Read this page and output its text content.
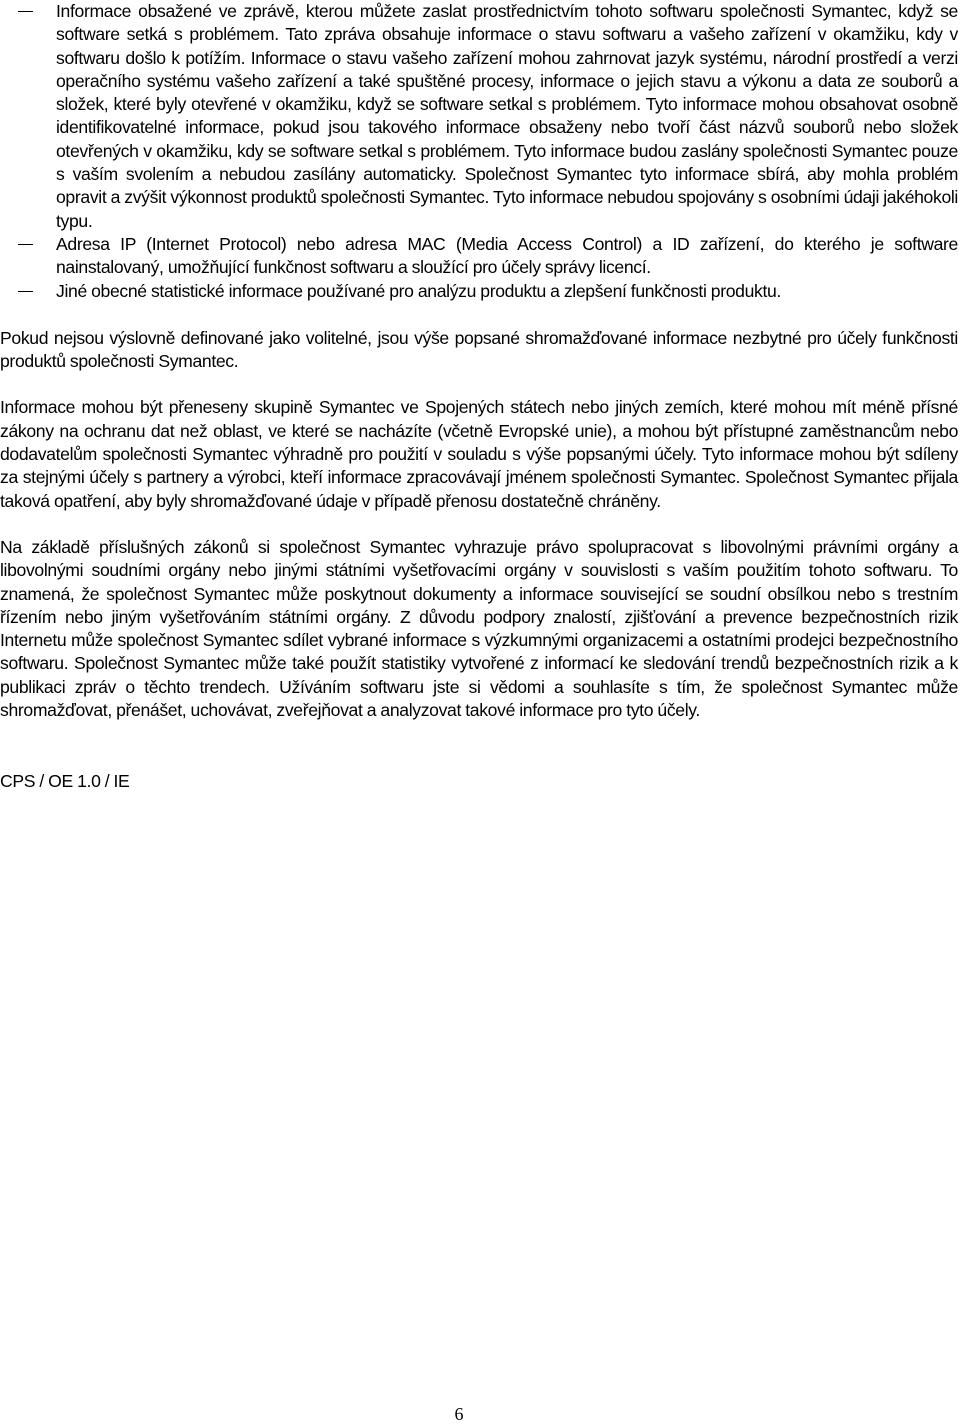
Informace obsažené ve zprávě, kterou můžete zaslat prostřednictvím tohoto softwaru společnosti Symantec, když se software setká s problémem. Tato zpráva obsahuje informace o stavu softwaru a vašeho zařízení v okamžiku, kdy v softwaru došlo k potížím. Informace o stavu vašeho zařízení mohou zahrnovat jazyk systému, národní prostředí a verzi operačního systému vašeho zařízení a také spuštěné procesy, informace o jejich stavu a výkonu a data ze souborů a složek, které byly otevřené v okamžiku, když se software setkal s problémem. Tyto informace mohou obsahovat osobně identifikovatelné informace, pokud jsou takového informace obsaženy nebo tvoří část názvů souborů nebo složek otevřených v okamžiku, kdy se software setkal s problémem. Tyto informace budou zaslány společnosti Symantec pouze s vaším svolením a nebudou zasílány automaticky. Společnost Symantec tyto informace sbírá, aby mohla problém opravit a zvýšit výkonnost produktů společnosti Symantec. Tyto informace nebudou spojovány s osobními údaji jakéhokoli typu.
Adresa IP (Internet Protocol) nebo adresa MAC (Media Access Control) a ID zařízení, do kterého je software nainstalovaný, umožňující funkčnost softwaru a sloužící pro účely správy licencí.
Jiné obecné statistické informace používané pro analýzu produktu a zlepšení funkčnosti produktu.

Pokud nejsou výslovně definované jako volitelné, jsou výše popsané shromažďované informace nezbytné pro účely funkčnosti produktů společnosti Symantec.

Informace mohou být přeneseny skupině Symantec ve Spojených státech nebo jiných zemích, které mohou mít méně přísné zákony na ochranu dat než oblast, ve které se nacházíte (včetně Evropské unie), a mohou být přístupné zaměstnancům nebo dodavatelům společnosti Symantec výhradně pro použití v souladu s výše popsanými účely. Tyto informace mohou být sdíleny za stejnými účely s partnery a výrobci, kteří informace zpracovávají jménem společnosti Symantec. Společnost Symantec přijala taková opatření, aby byly shromažďované údaje v případě přenosu dostatečně chráněny.

Na základě příslušných zákonů si společnost Symantec vyhrazuje právo spolupracovat s libovolnými právními orgány a libovolnými soudními orgány nebo jinými státními vyšetřovacími orgány v souvislosti s vaším použitím tohoto softwaru. To znamená, že společnost Symantec může poskytnout dokumenty a informace související se soudní obsílkou nebo s trestním řízením nebo jiným vyšetřováním státními orgány. Z důvodu podpory znalostí, zjišťování a prevence bezpečnostních rizik Internetu může společnost Symantec sdílet vybrané informace s výzkumnými organizacemi a ostatními prodejci bezpečnostního softwaru. Společnost Symantec může také použít statistiky vytvořené z informací ke sledování trendů bezpečnostních rizik a k publikaci zpráv o těchto trendech. Užíváním softwaru jste si vědomi a souhlasíte s tím, že společnost Symantec může shromažďovat, přenášet, uchovávat, zveřejňovat a analyzovat takové informace pro tyto účely.

CPS / OE 1.0 / IE

6
